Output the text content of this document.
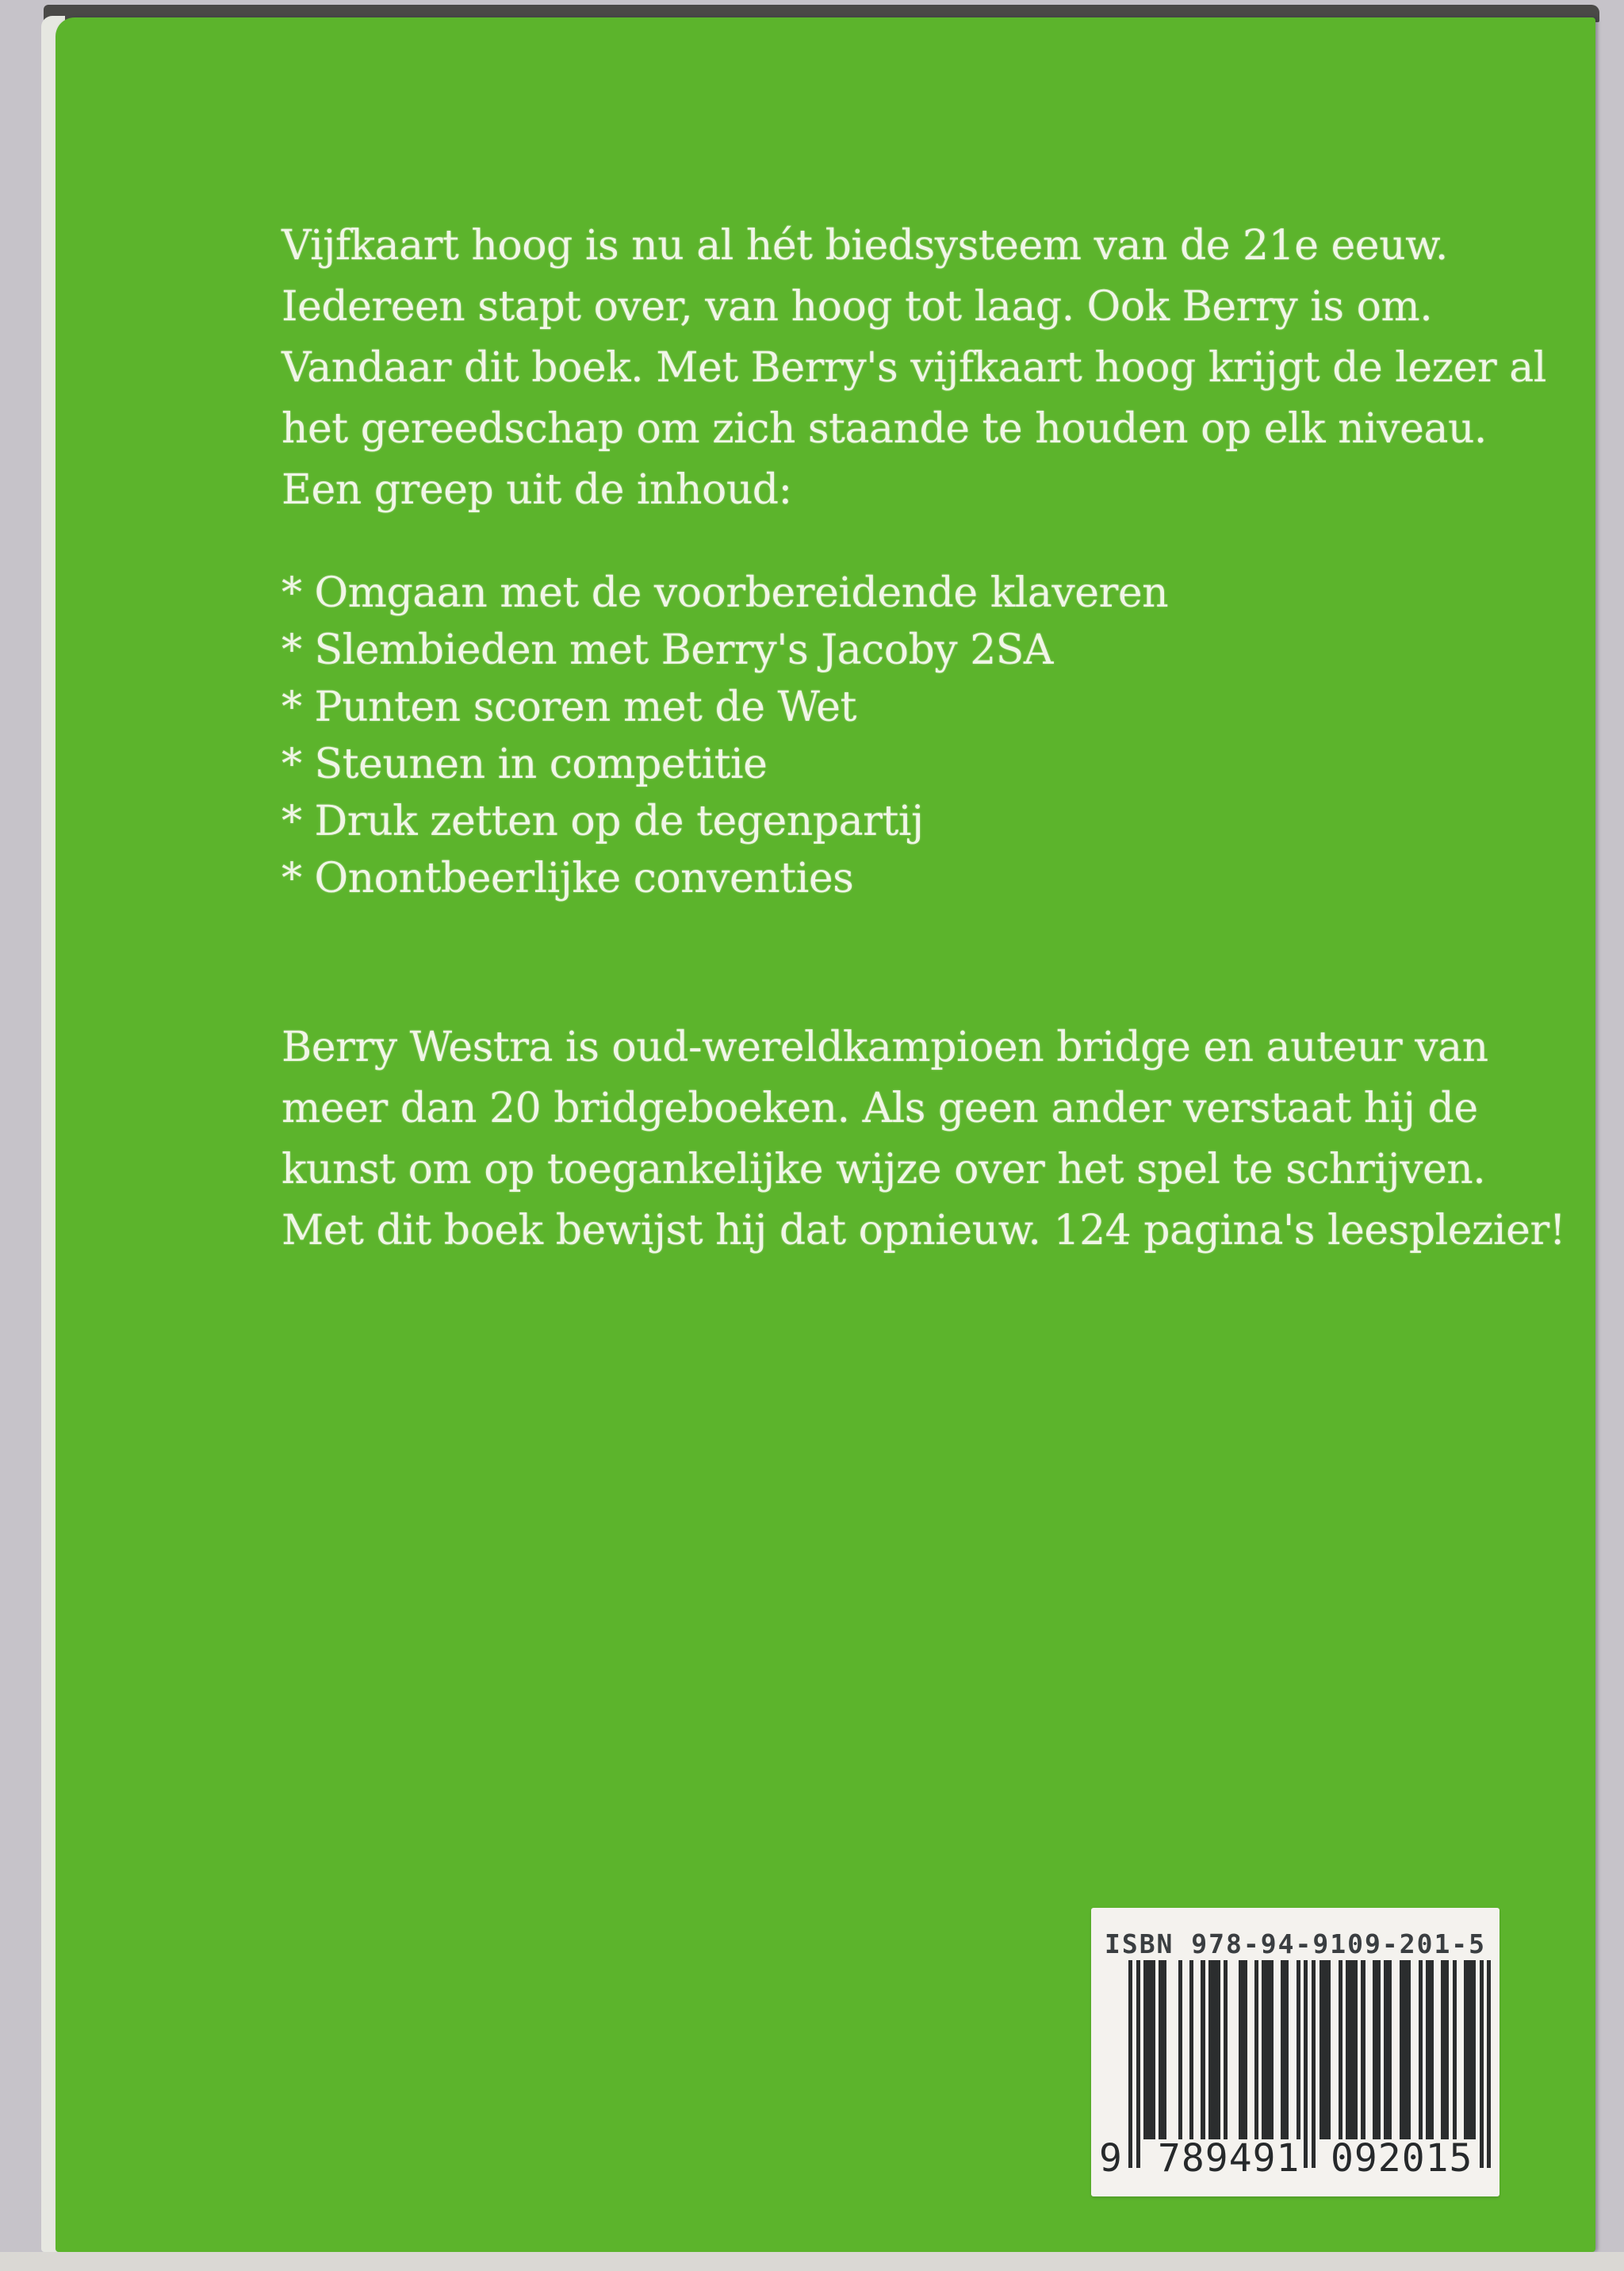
Vijfkaart hoog is nu al hét biedsysteem van de 21e eeuw.
Iedereen stapt over, van hoog tot laag. Ook Berry is om.
Vandaar dit boek. Met Berry's vijfkaart hoog krijgt de lezer al
het gereedschap om zich staande te houden op elk niveau.
Een greep uit de inhoud:
* Omgaan met de voorbereidende klaveren
* Slembieden met Berry's Jacoby 2SA
* Punten scoren met de Wet
* Steunen in competitie
* Druk zetten op de tegenpartij
* Onontbeerlijke conventies
Berry Westra is oud-wereldkampioen bridge en auteur van
meer dan 20 bridgeboeken. Als geen ander verstaat hij de
kunst om op toegankelijke wijze over het spel te schrijven.
Met dit boek bewijst hij dat opnieuw. 124 pagina's leesplezier!
ISBN 978-94-9109-201-5
9 789491 092015
